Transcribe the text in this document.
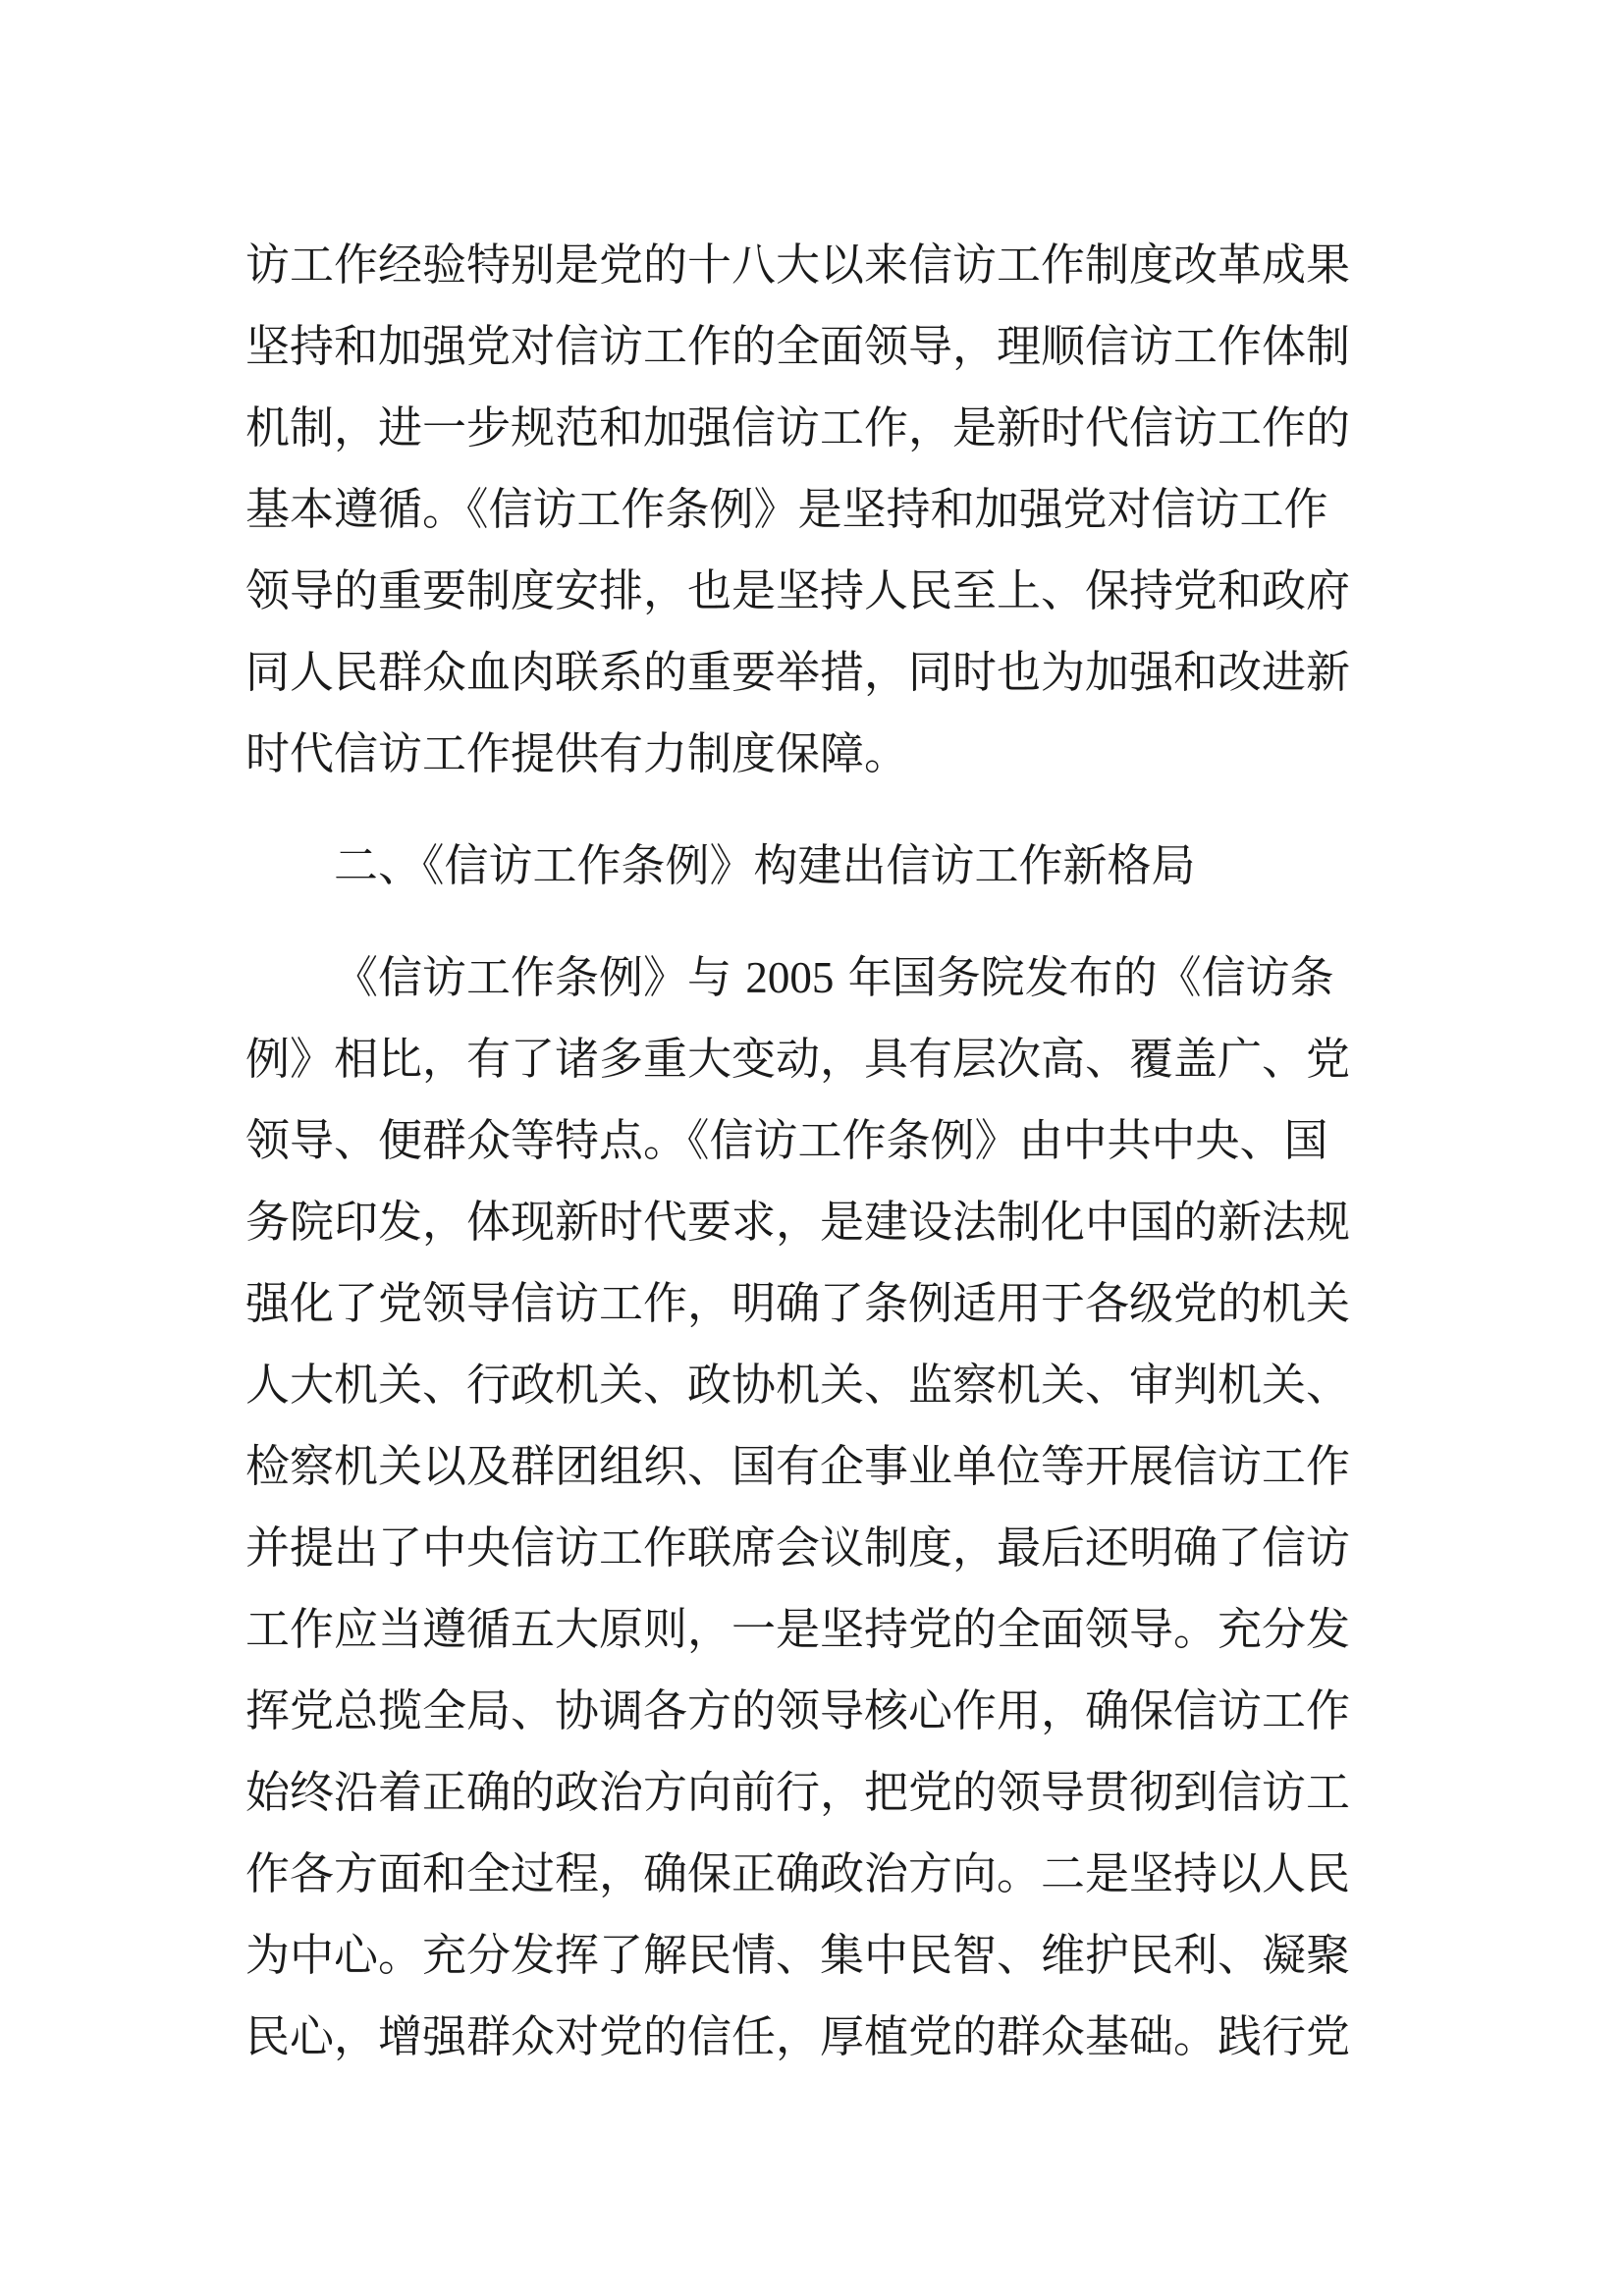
访工作经验特别是党的十八大以来信访工作制度改革成果
坚持和加强党对信访工作的全面领导，理顺信访工作体制
机制，进一步规范和加强信访工作，是新时代信访工作的
基本遵循。《信访工作条例》是坚持和加强党对信访工作
领导的重要制度安排，也是坚持人民至上、保持党和政府
同人民群众血肉联系的重要举措，同时也为加强和改进新
时代信访工作提供有力制度保障。
二、《信访工作条例》构建出信访工作新格局
《信访工作条例》与 2005 年国务院发布的《信访条
例》相比，有了诸多重大变动，具有层次高、覆盖广、党
领导、便群众等特点。《信访工作条例》由中共中央、国
务院印发，体现新时代要求，是建设法制化中国的新法规
强化了党领导信访工作，明确了条例适用于各级党的机关
人大机关、行政机关、政协机关、监察机关、审判机关、
检察机关以及群团组织、国有企事业单位等开展信访工作
并提出了中央信访工作联席会议制度，最后还明确了信访
工作应当遵循五大原则，一是坚持党的全面领导。充分发
挥党总揽全局、协调各方的领导核心作用，确保信访工作
始终沿着正确的政治方向前行，把党的领导贯彻到信访工
作各方面和全过程，确保正确政治方向。二是坚持以人民
为中心。充分发挥了解民情、集中民智、维护民利、凝聚
民心，增强群众对党的信任，厚植党的群众基础。践行党
